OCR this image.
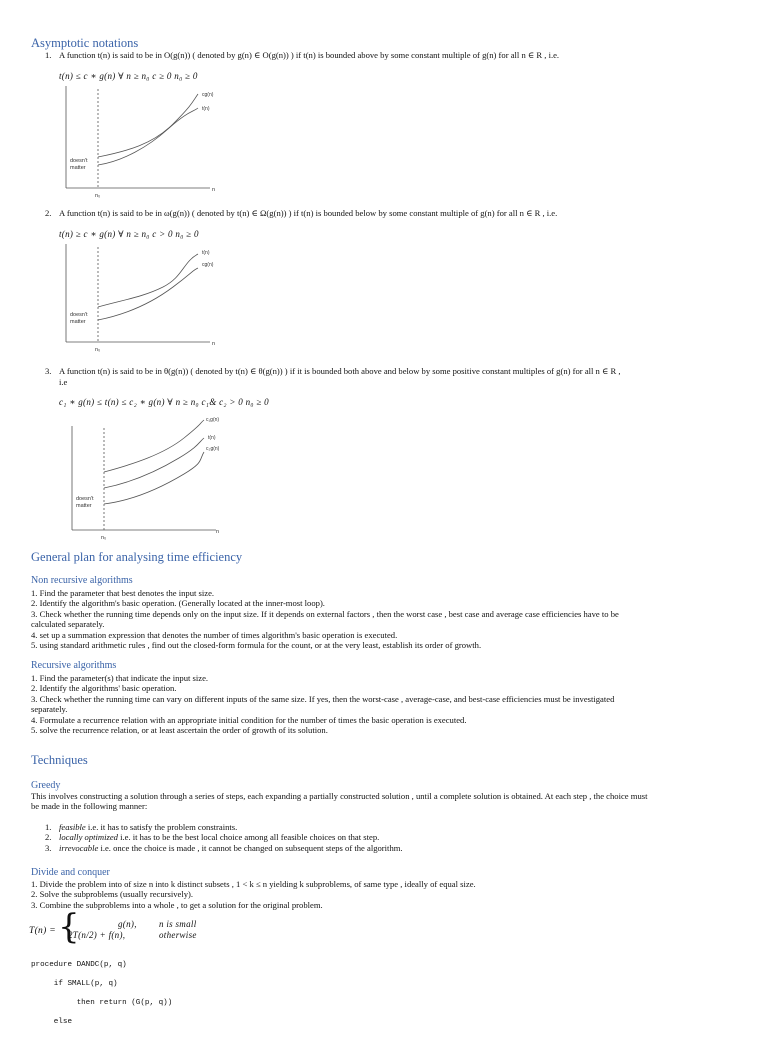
Asymptotic notations
1. A function t(n) is said to be in O(g(n)) ( denoted by g(n) ∈ O(g(n)) ) if t(n) is bounded above by some constant multiple of g(n) for all n ∈ R , i.e.
t(n) ≤ c ∗ g(n) ∀ n ≥ n₀ c ≥ 0 n₀ ≥ 0
cg(n)
t(n)
doesn't
matter
n₀
n
2. A function t(n) is said to be in ω(g(n)) ( denoted by t(n) ∈ Ω(g(n)) ) if t(n) is bounded below by some constant multiple of g(n) for all n ∈ R , i.e.
t(n) ≥ c ∗ g(n) ∀ n ≥ n₀ c > 0 n₀ ≥ 0
t(n)
cg(n)
doesn't
matter
n₀
n
3. A function t(n) is said to be in θ(g(n)) ( denoted by t(n) ∈ θ(g(n)) ) if it is bounded both above and below by some positive constant multiples of g(n) for all n ∈ R ,
i.e
c₁ ∗ g(n) ≤ t(n) ≤ c₂ ∗ g(n) ∀ n ≥ n₀ c₁& c₂ > 0 n₀ ≥ 0
c₁g(n)
t(n)
c₂g(n)
doesn't
matter
n₀
n
General plan for analysing time efficiency
Non recursive algorithms
1. Find the parameter that best denotes the input size.
2. Identify the algorithm's basic operation. (Generally located at the inner-most loop).
3. Check whether the running time depends only on the input size. If it depends on external factors , then the worst case , best case and average case efficiencies have to be
calculated separately.
4. set up a summation expression that denotes the number of times algorithm's basic operation is executed.
5. using standard arithmetic rules , find out the closed-form formula for the count, or at the very least, establish its order of growth.
Recursive algorithms
1. Find the parameter(s) that indicate the input size.
2. Identify the algorithms' basic operation.
3. Check whether the running time can vary on different inputs of the same size. If yes, then the worst-case , average-case, and best-case efficiencies must be investigated
separately.
4. Formulate a recurrence relation with an appropriate initial condition for the number of times the basic operation is executed.
5. solve the recurrence relation, or at least ascertain the order of growth of its solution.
Techniques
Greedy
This involves constructing a solution through a series of steps, each expanding a partially constructed solution , until a complete solution is obtained. At each step , the choice must
be made in the following manner:
1. feasible i.e. it has to satisfy the problem constraints.
2. locally optimized i.e. it has to be the best local choice among all feasible choices on that step.
3. irrevocable i.e. once the choice is made , it cannot be changed on subsequent steps of the algorithm.
Divide and conquer
1. Divide the problem into of size n into k distinct subsets , 1 < k ≤ n yielding k subproblems, of same type , ideally of equal size.
2. Solve the subproblems (usually recursively).
3. Combine the subproblems into a whole , to get a solution for the original problem.
T(n) = {	g(n), n is small
2T(n/2) + f(n),	otherwise

procedure DANDC(p, q)

if SMALL(p, q)

then return (G(p, q))

else
